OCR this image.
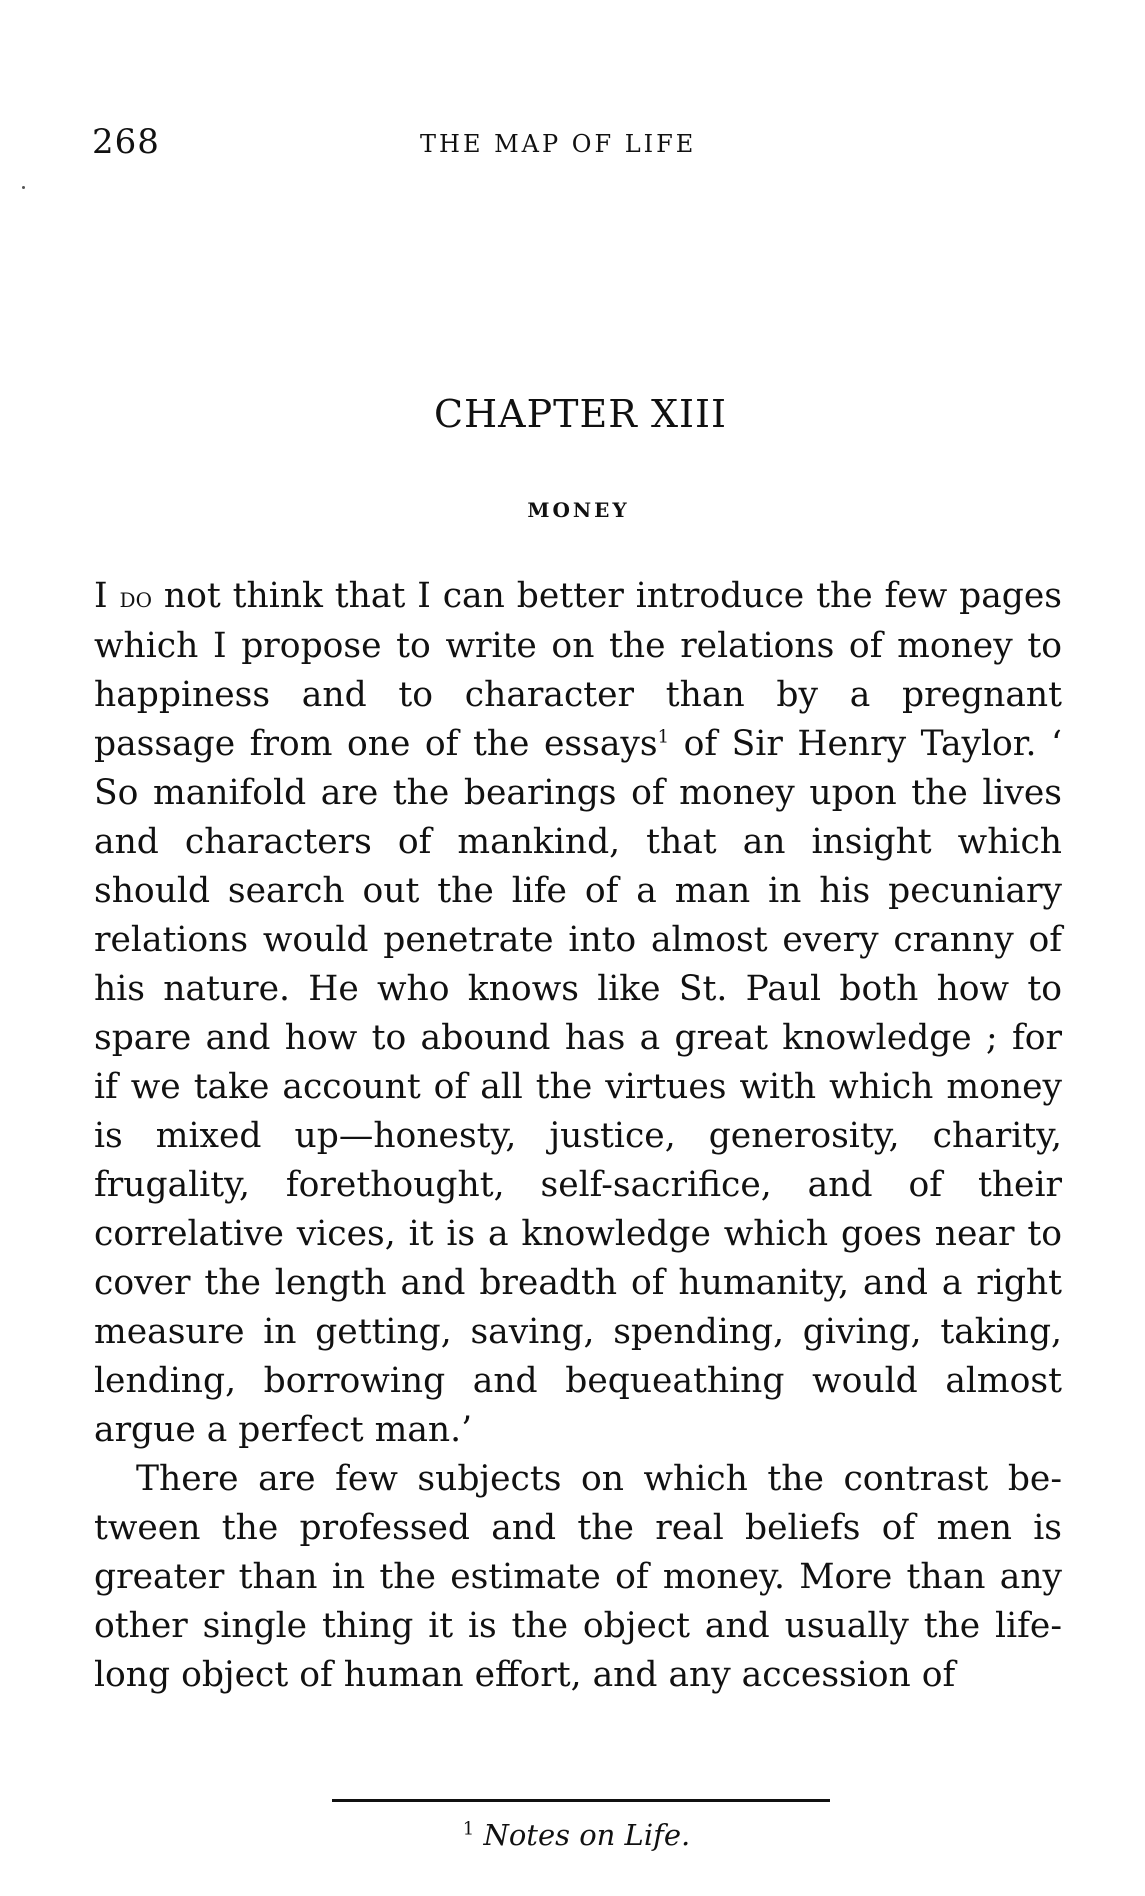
268	THE MAP OF LIFE
CHAPTER XIII
MONEY

I do not think that I can better introduce the few pages which I propose to write on the relations of money to happiness and to character than by a pregnant passage from one of the essays$^1$ of Sir Henry Taylor. ‘ So manifold are the bearings of money upon the lives and characters of mankind, that an insight which should search out the life of a man in his pecuniary relations would penetrate into almost every cranny of his nature. He who knows like St. Paul both how to spare and how to abound has a great knowledge ; for if we take account of all the virtues with which money is mixed up—honesty, justice, generosity, charity, frugality, forethought, self-sacrifice, and of their correlative vices, it is a knowledge which goes near to cover the length and breadth of humanity, and a right measure in getting, saving, spending, giving, taking, lending, borrowing and bequeathing would almost argue a perfect man.’

There are few subjects on which the contrast between the professed and the real beliefs of men is greater than in the estimate of money. More than any other single thing it is the object and usually the lifelong object of human effort, and any accession of

$^1$ Notes on Life.
